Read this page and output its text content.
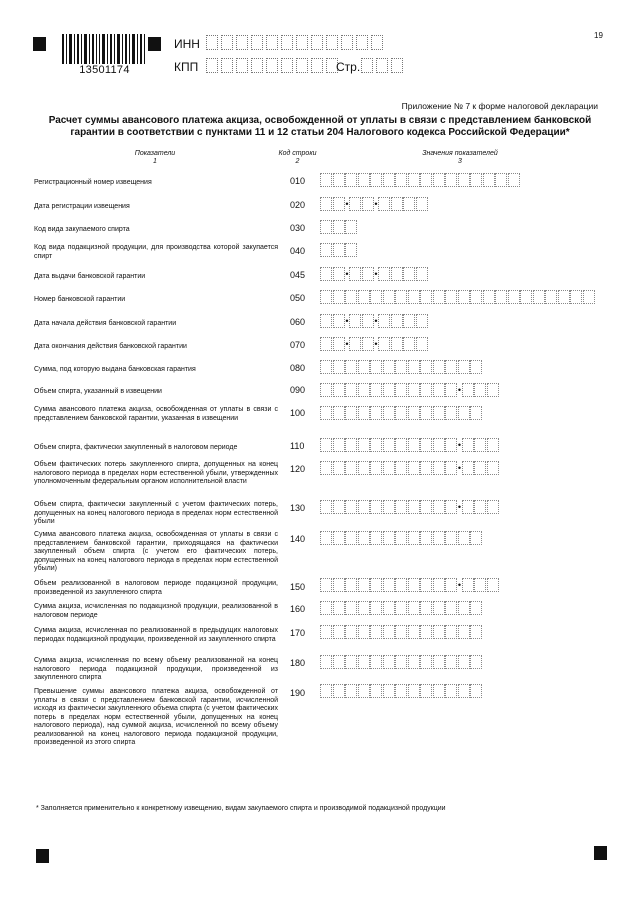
13501174
ИНН
КПП	Стр.
19
Приложение № 7 к форме налоговой декларации
Расчет суммы авансового платежа акциза, освобожденной от уплаты в связи с представлением банковской гарантии в соответствии с пунктами 11 и 12 статьи 204 Налогового кодекса Российской Федерации*
Показатели
1
Код строки
2
Значения показателей
3
Регистрационный номер извещения	010
Дата регистрации извещения	020	•	•
Код вида закупаемого спирта	030
Код вида подакцизной продукции, для производства которой закупается спирт	040
Дата выдачи банковской гарантии	045	•	•
Номер банковской гарантии	050
Дата начала действия банковской гарантии	060	•	•
Дата окончания действия банковской гарантии	070	•	•
Сумма, под которую выдана банковская гарантия	080
Объем спирта, указанный в извещении	090	•
Сумма авансового платежа акциза, освобожденная от уплаты в связи с представлением банковской гарантии, указанная в извещении	100
Объем спирта, фактически закупленный в налоговом периоде	110	•
Объем фактических потерь закупленного спирта, допущенных на конец налогового периода в пределах норм естественной убыли, утвержденных уполномоченным федеральным органом исполнительной власти
120	•
Объем спирта, фактически закупленный с учетом фактических потерь, допущенных на конец налогового периода в пределах норм естественной убыли
130	•
Сумма авансового платежа акциза, освобожденная от уплаты в связи с представлением банковской гарантии, приходящаяся на фактически закупленный объем спирта (с учетом его фактических потерь, допущенных на конец налогового периода в пределах норм естественной убыли)
140
Объем реализованной в налоговом периоде подакцизной продукции, произведенной из закупленного спирта	150	•
Сумма акциза, исчисленная по подакцизной продукции, реализованной в налоговом периоде
160
Сумма акциза, исчисленная по реализованной в предыдущих налоговых периодах подакцизной продукции, произведенной из закупленного спирта
170
Сумма акциза, исчисленная по всему объему реализованной на конец налогового периода подакцизной продукции, произведенной из закупленного спирта
180
Превышение суммы авансового платежа акциза, освобожденной от уплаты в связи с представлением банковской гарантии, исчисленной исходя из фактически закупленного объема спирта (с учетом фактических потерь в пределах норм естественной убыли, допущенных на конец налогового периода), над суммой акциза, исчисленной по всему объему реализованной на конец налогового периода подакцизной продукции, произведенной из этого спирта
190
* Заполняется применительно к конкретному извещению, видам закупаемого спирта и производимой подакцизной продукции
